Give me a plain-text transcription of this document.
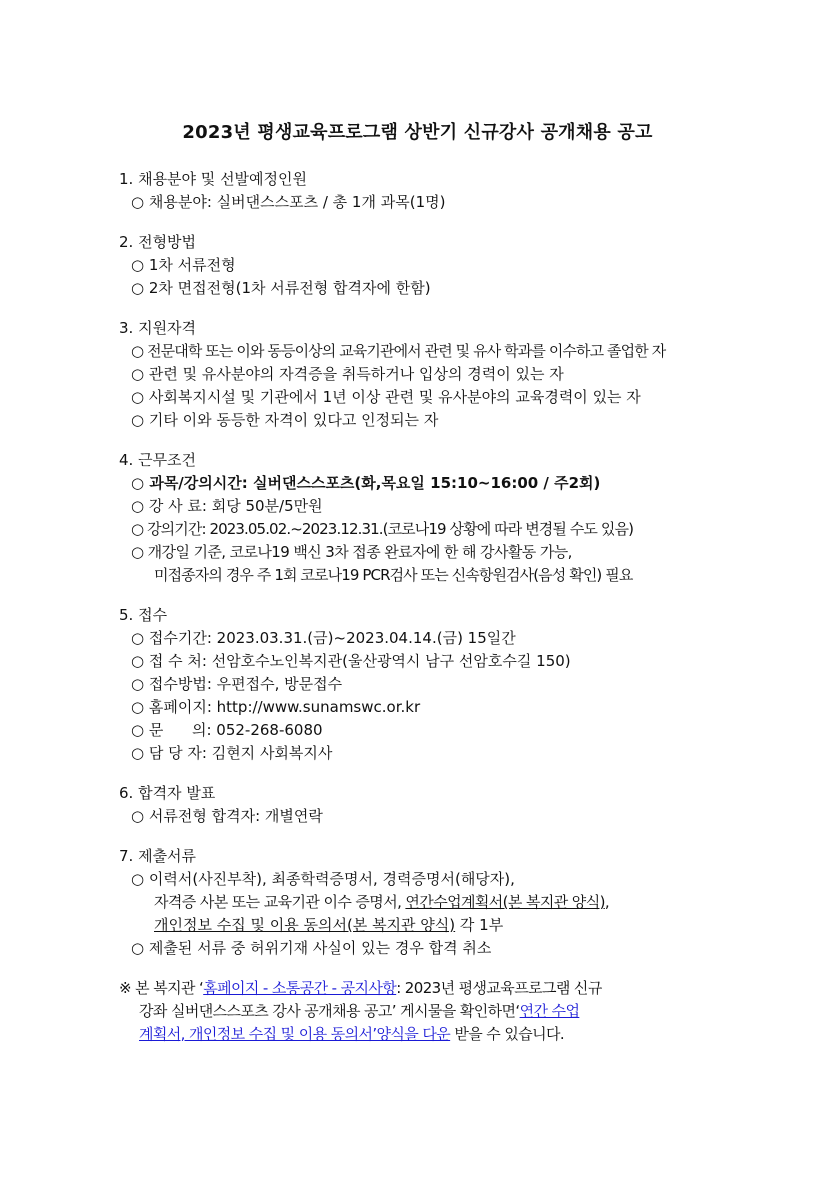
2023년 평생교육프로그램 상반기 신규강사 공개채용 공고
1. 채용분야 및 선발예정인원
○ 채용분야: 실버댄스스포츠 / 총 1개 과목(1명)
2. 전형방법
○ 1차 서류전형
○ 2차 면접전형(1차 서류전형 합격자에 한함)
3. 지원자격
○ 전문대학 또는 이와 동등이상의 교육기관에서 관련 및 유사 학과를 이수하고 졸업한 자
○ 관련 및 유사분야의 자격증을 취득하거나 입상의 경력이 있는 자
○ 사회복지시설 및 기관에서 1년 이상 관련 및 유사분야의 교육경력이 있는 자
○ 기타 이와 동등한 자격이 있다고 인정되는 자
4. 근무조건
○ 과목/강의시간: 실버댄스스포츠(화,목요일 15:10~16:00 / 주2회)
○ 강 사 료: 회당 50분/5만원
○ 강의기간: 2023.05.02.~2023.12.31.(코로나19 상황에 따라 변경될 수도 있음)
○ 개강일 기준, 코로나19 백신 3차 접종 완료자에 한 해 강사활동 가능,
미접종자의 경우 주 1회 코로나19 PCR검사 또는 신속항원검사(음성 확인) 필요
5. 접수
○ 접수기간: 2023.03.31.(금)~2023.04.14.(금) 15일간
○ 접 수 처: 선암호수노인복지관(울산광역시 남구 선암호수길 150)
○ 접수방법: 우편접수, 방문접수
○ 홈페이지: http://www.sunamswc.or.kr
○ 문      의: 052-268-6080
○ 담 당 자: 김현지 사회복지사
6. 합격자 발표
○ 서류전형 합격자: 개별연락
7. 제출서류
○ 이력서(사진부착), 최종학력증명서, 경력증명서(해당자),
자격증 사본 또는 교육기관 이수 증명서, 연간수업계획서(본 복지관 양식),
개인정보 수집 및 이용 동의서(본 복지관 양식) 각 1부
○ 제출된 서류 중 허위기재 사실이 있는 경우 합격 취소
※ 본 복지관 ‘홈페이지 - 소통공간 - 공지사항: 2023년 평생교육프로그램 신규
강좌 실버댄스스포츠 강사 공개채용 공고’ 게시물을 확인하면‘연간 수업
계획서, 개인정보 수집 및 이용 동의서’양식을 다운 받을 수 있습니다.
